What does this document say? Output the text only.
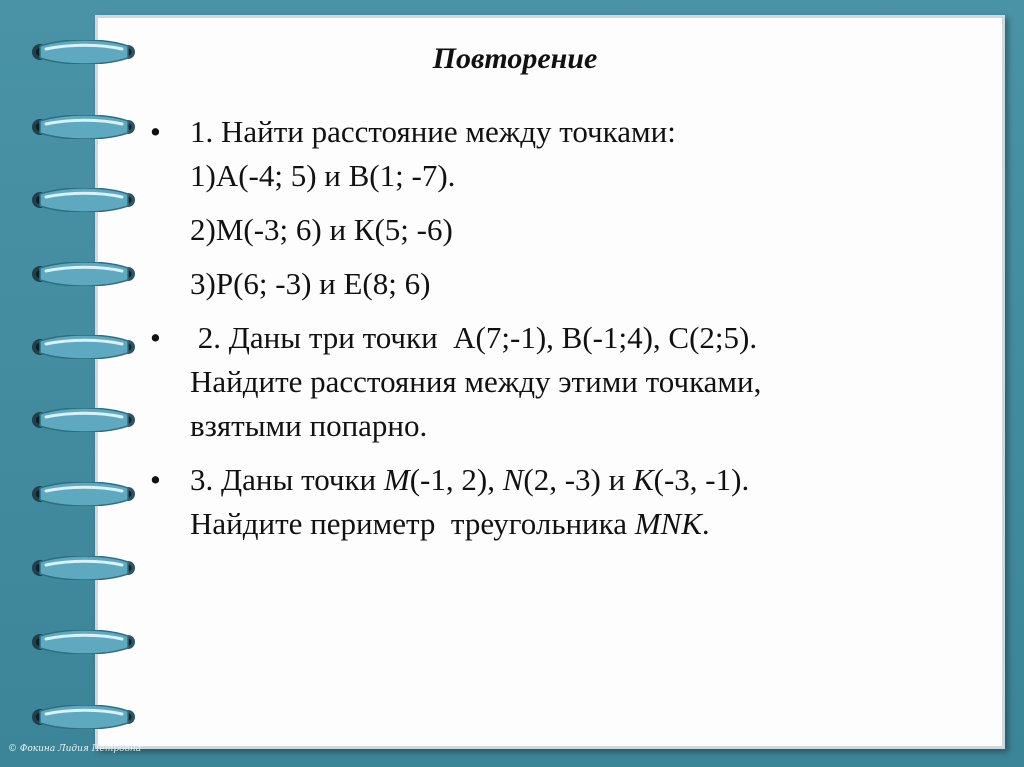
Повторение
• 1. Найти расстояние между точками:
1)А(-4; 5) и В(1; -7).
2)М(-3; 6) и К(5; -6)
3)Р(6; -3) и Е(8; 6)
• 2. Даны три точки  А(7;-1), В(-1;4), С(2;5).
Найдите расстояния между этими точками,
взятыми попарно.
• 3. Даны точки M(-1, 2), N(2, -3) и K(-3, -1).
Найдите периметр  треугольника MNK.
© Фокина Лидия Петровна
